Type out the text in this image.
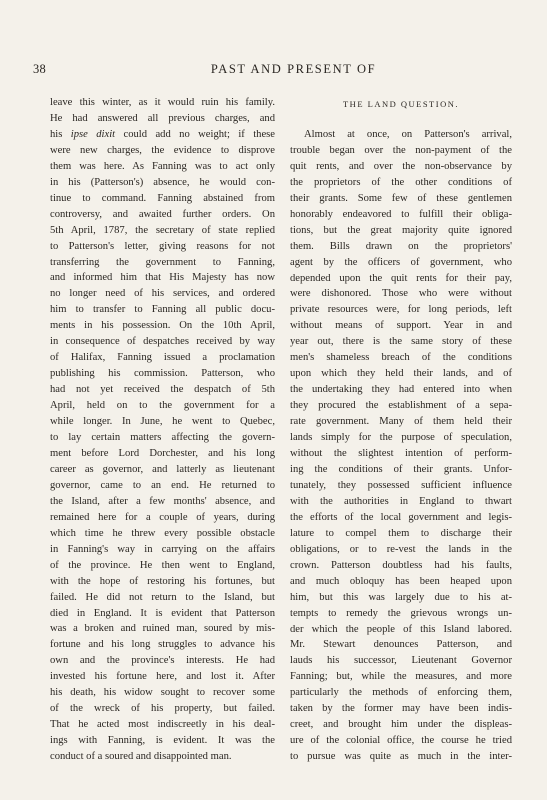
38	PAST AND PRESENT OF
leave this winter, as it would ruin his family.
He had answered all previous charges, and
his ipse dixit could add no weight; if these
were new charges, the evidence to disprove
them was here. As Fanning was to act only
in his (Patterson's) absence, he would con-
tinue to command. Fanning abstained from
controversy, and awaited further orders. On
5th April, 1787, the secretary of state replied
to Patterson's letter, giving reasons for not
transferring the government to Fanning,
and informed him that His Majesty has now
no longer need of his services, and ordered
him to transfer to Fanning all public docu-
ments in his possession. On the 10th April,
in consequence of despatches received by way
of Halifax, Fanning issued a proclamation
publishing his commission. Patterson, who
had not yet received the despatch of 5th
April, held on to the government for a
while longer. In June, he went to Quebec,
to lay certain matters affecting the govern-
ment before Lord Dorchester, and his long
career as governor, and latterly as lieutenant
governor, came to an end. He returned to
the Island, after a few months' absence, and
remained here for a couple of years, during
which time he threw every possible obstacle
in Fanning's way in carrying on the affairs
of the province. He then went to England,
with the hope of restoring his fortunes, but
failed. He did not return to the Island, but
died in England. It is evident that Patterson
was a broken and ruined man, soured by mis-
fortune and his long struggles to advance his
own and the province's interests. He had
invested his fortune here, and lost it. After
his death, his widow sought to recover some
of the wreck of his property, but failed.
That he acted most indiscreetly in his deal-
ings with Fanning, is evident. It was the
conduct of a soured and disappointed man.
THE LAND QUESTION.
Almost at once, on Patterson's arrival,
trouble began over the non-payment of the
quit rents, and over the non-observance by
the proprietors of the other conditions of
their grants. Some few of these gentlemen
honorably endeavored to fulfill their obliga-
tions, but the great majority quite ignored
them. Bills drawn on the proprietors'
agent by the officers of government, who
depended upon the quit rents for their pay,
were dishonored. Those who were without
private resources were, for long periods, left
without means of support. Year in and
year out, there is the same story of these
men's shameless breach of the conditions
upon which they held their lands, and of
the undertaking they had entered into when
they procured the establishment of a sepa-
rate government. Many of them held their
lands simply for the purpose of speculation,
without the slightest intention of perform-
ing the conditions of their grants. Unfor-
tunately, they possessed sufficient influence
with the authorities in England to thwart
the efforts of the local government and legis-
lature to compel them to discharge their
obligations, or to re-vest the lands in the
crown. Patterson doubtless had his faults,
and much obloquy has been heaped upon
him, but this was largely due to his at-
tempts to remedy the grievous wrongs un-
der which the people of this Island labored.
Mr. Stewart denounces Patterson, and
lauds his successor, Lieutenant Governor
Fanning; but, while the measures, and more
particularly the methods of enforcing them,
taken by the former may have been indis-
creet, and brought him under the displeas-
ure of the colonial office, the course he tried
to pursue was quite as much in the inter-
